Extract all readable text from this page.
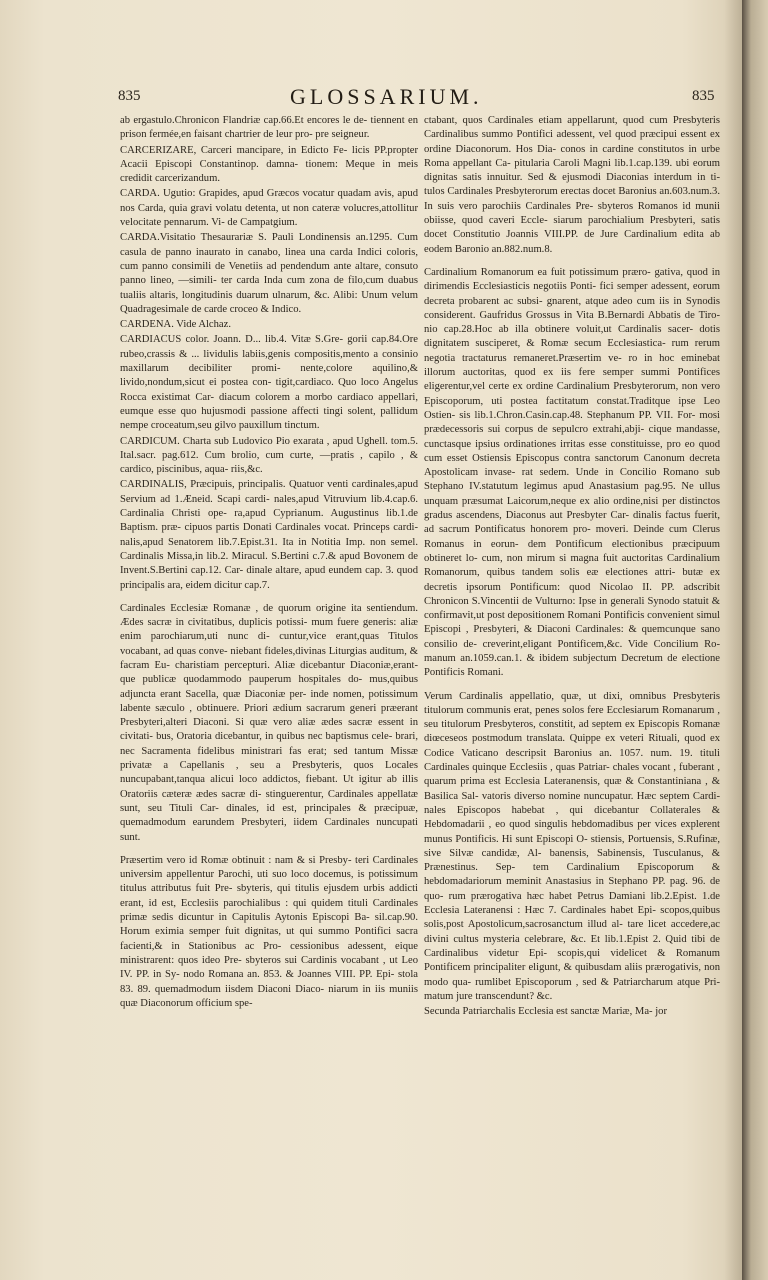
835	GLOSSARIUM.	835

ab ergastulo.Chronicon Flandriæ cap.66.Et encores le de- tiennent en prison fermée,en faisant chartrier de leur pro- pre seigneur.

CARCERIZARE, Carceri mancipare, in Edicto Fe- licis PP.propter Acacii Episcopi Constantinop. damna- tionem: Meque in meis credidit carcerizandum.

CARDA. Ugutio: Grapides, apud Græcos vocatur quadam avis, apud nos Carda, quia gravi volatu detenta, ut non cateræ volucres,attollitur velocitate pennarum. Vi- de Campatgium.

CARDA.Visitatio Thesaurariæ S. Pauli Londinensis an.1295. Cum casula de panno inaurato in canabo, linea una carda Indici coloris, cum panno consimili de Venetiis ad pendendum ante altare, consuto panno lineo, —simili- ter carda Inda cum zona de filo,cum duabus tualiis altaris, longitudinis duarum ulnarum, &c. Alibi: Unum velum Quadragesimale de carde croceo & Indico.

CARDENA. Vide Alchaz.

CARDIACUS color. Joann. D... lib.4. Vitæ S.Gre- gorii cap.84.Ore rubeo,crassis & ... lividulis labiis,genis compositis,mento a consinio maxillarum decibiliter promi- nente,colore aquilino,& livido,nondum,sicut ei postea con- tigit,cardiaco. Quo loco Angelus Rocca existimat Car- diacum colorem a morbo cardiaco appellari, eumque esse quo hujusmodi passione affecti tingi solent, pallidum nempe croceatum,seu gilvo pauxillum tinctum.

CARDICUM. Charta sub Ludovico Pio exarata , apud Ughell. tom.5. Ital.sacr. pag.612. Cum brolio, cum curte, —pratis , capilo , & cardico, piscinibus, aqua- riis,&c.

CARDINALIS, Præcipuis, principalis. Quatuor venti cardinales,apud Servium ad 1.Æneid. Scapi cardi- nales,apud Vitruvium lib.4.cap.6. Cardinalia Christi ope- ra,apud Cyprianum. Augustinus lib.1.de Baptism. præ- cipuos partis Donati Cardinales vocat. Princeps cardi- nalis,apud Senatorem lib.7.Epist.31. Ita in Notitia Imp. non semel. Cardinalis Missa,in lib.2. Miracul. S.Bertini c.7.& apud Bovonem de Invent.S.Bertini cap.12. Car- dinale altare, apud eundem cap. 3. quod principalis ara, eidem dicitur cap.7.

Cardinales Ecclesiæ Romanæ , de quorum origine ita sentiendum. Ædes sacræ in civitatibus, duplicis potissi- mum fuere generis: aliæ enim parochiarum,uti nunc di- cuntur,vice erant,quas Titulos vocabant, ad quas conve- niebant fideles,divinas Liturgias auditum, & facram Eu- charistiam percepturi. Aliæ dicebantur Diaconiæ,erant- que publicæ quodammodo pauperum hospitales do- mus,quibus adjuncta erant Sacella, quæ Diaconiæ per- inde nomen, potissimum labente sæculo , obtinuere. Priori ædium sacrarum generi præerant Presbyteri,alteri Diaconi. Si quæ vero aliæ ædes sacræ essent in civitati- bus, Oratoria dicebantur, in quibus nec baptismus cele- brari, nec Sacramenta fidelibus ministrari fas erat; sed tantum Missæ privatæ a Capellanis , seu a Presbyteris, quos Locales nuncupabant,tanqua alicui loco addictos, fiebant. Ut igitur ab illis Oratoriis cæteræ ædes sacræ di- stinguerentur, Cardinales appellatæ sunt, seu Tituli Car- dinales, id est, principales & præcipuæ, quemadmodum earundem Presbyteri, iidem Cardinales nuncupati sunt.

Præsertim vero id Romæ obtinuit : nam & si Presby- teri Cardinales universim appellentur Parochi, uti suo loco docemus, is potissimum titulus attributus fuit Pre- sbyteris, qui titulis ejusdem urbis addicti erant, id est, Ecclesiis parochialibus : qui quidem tituli Cardinales primæ sedis dicuntur in Capitulis Aytonis Episcopi Ba- sil.cap.90. Horum eximia semper fuit dignitas, ut qui summo Pontifici sacra facienti,& in Stationibus ac Pro- cessionibus adessent, eique ministrarent: quos ideo Pre- sbyteros sui Cardinis vocabant , ut Leo IV. PP. in Sy- nodo Romana an. 853. & Joannes VIII. PP. Epi- stola 83. 89. quemadmodum iisdem Diaconi Diaco- niarum in iis muniis quæ Diaconorum officium spe-

ctabant, quos Cardinales etiam appellarunt, quod cum Presbyteris Cardinalibus summo Pontifici adessent, vel quod præcipui essent ex ordine Diaconorum. Hos Dia- conos in cardine constitutos in urbe Roma appellant Ca- pitularia Caroli Magni lib.1.cap.139. ubi eorum dignitas satis innuitur. Sed & ejusmodi Diaconias interdum in ti- tulos Cardinales Presbyterorum erectas docet Baronius an.603.num.3. In suis vero parochiis Cardinales Pre- sbyteros Romanos id munii obiisse, quod caveri Eccle- siarum parochialium Presbyteri, satis docet Constitutio Joannis VIII.PP. de Jure Cardinalium edita ab eodem Baronio an.882.num.8.

Cardinalium Romanorum ea fuit potissimum præro- gativa, quod in dirimendis Ecclesiasticis negotiis Ponti- fici semper adessent, eorum decreta probarent ac subsi- gnarent, atque adeo cum iis in Synodis considerent. Gaufridus Grossus in Vita B.Bernardi Abbatis de Tiro- nio cap.28.Hoc ab illa obtinere voluit,ut Cardinalis sacer- dotis dignitatem susciperet, & Romæ secum Ecclesiastica- rum rerum negotia tractaturus remaneret.Præsertim ve- ro in hoc eminebat illorum auctoritas, quod ex iis fere semper summi Pontifices eligerentur,vel certe ex ordine Cardinalium Presbyterorum, non vero Episcoporum, uti postea factitatum constat.Traditque ipse Leo Ostien- sis lib.1.Chron.Casin.cap.48. Stephanum PP. VII. For- mosi prædecessoris sui corpus de sepulcro extrahi,abji- cique mandasse, cunctasque ipsius ordinationes irritas esse constituisse, pro eo quod cum esset Ostiensis Episcopus contra sanctorum Canonum decreta Apostolicam invase- rat sedem. Unde in Concilio Romano sub Stephano IV.statutum legimus apud Anastasium pag.95. Ne ullus unquam præsumat Laicorum,neque ex alio ordine,nisi per distinctos gradus ascendens, Diaconus aut Presbyter Car- dinalis factus fuerit, ad sacrum Pontificatus honorem pro- moveri. Deinde cum Clerus Romanus in eorun- dem Pontificum electionibus præcipuum obtineret lo- cum, non mirum si magna fuit auctoritas Cardinalium Romanorum, quibus tandem solis eæ electiones attri- butæ ex decretis ipsorum Pontificum: quod Nicolao II. PP. adscribit Chronicon S.Vincentii de Vulturno: Ipse in generali Synodo statuit & confirmavit,ut post depositionem Romani Pontificis convenient simul Episcopi , Presbyteri, & Diaconi Cardinales: & quemcunque sano consilio de- creverint,eligant Pontificem,&c. Vide Concilium Ro- manum an.1059.can.1. & ibidem subjectum Decretum de electione Pontificis Romani.

Verum Cardinalis appellatio, quæ, ut dixi, omnibus Presbyteris titulorum communis erat, penes solos fere Ecclesiarum Romanarum , seu titulorum Presbyteros, constitit, ad septem ex Episcopis Romanæ diœceseos postmodum translata. Quippe ex veteri Rituali, quod ex Codice Vaticano descripsit Baronius an. 1057. num. 19. tituli Cardinales quinque Ecclesiis , quas Patriar- chales vocant , fuberant , quarum prima est Ecclesia Lateranensis, quæ & Constantiniana , & Basilica Sal- vatoris diverso nomine nuncupatur. Hæc septem Cardi- nales Episcopos habebat , qui dicebantur Collaterales & Hebdomadarii , eo quod singulis hebdomadibus per vices explerent munus Pontificis. Hi sunt Episcopi O- stiensis, Portuensis, S.Rufinæ, sive Silvæ candidæ, Al- banensis, Sabinensis, Tusculanus, & Prænestinus. Sep- tem Cardinalium Episcoporum & hebdomadariorum meminit Anastasius in Stephano PP. pag. 96. de quo- rum prærogativa hæc habet Petrus Damiani lib.2.Epist. 1.de Ecclesia Lateranensi : Hæc 7. Cardinales habet Epi- scopos,quibus solis,post Apostolicum,sacrosanctum illud al- tare licet accedere,ac divini cultus mysteria celebrare, &c. Et lib.1.Epist 2. Quid tibi de Cardinalibus videtur Epi- scopis,qui videlicet & Romanum Pontificem principaliter eligunt, & quibusdam aliis prærogativis, non modo qua- rumlibet Episcoporum , sed & Patriarcharum atque Pri- matum jure transcendunt? &c.

Secunda Patriarchalis Ecclesia est sanctæ Mariæ, Ma- jor
